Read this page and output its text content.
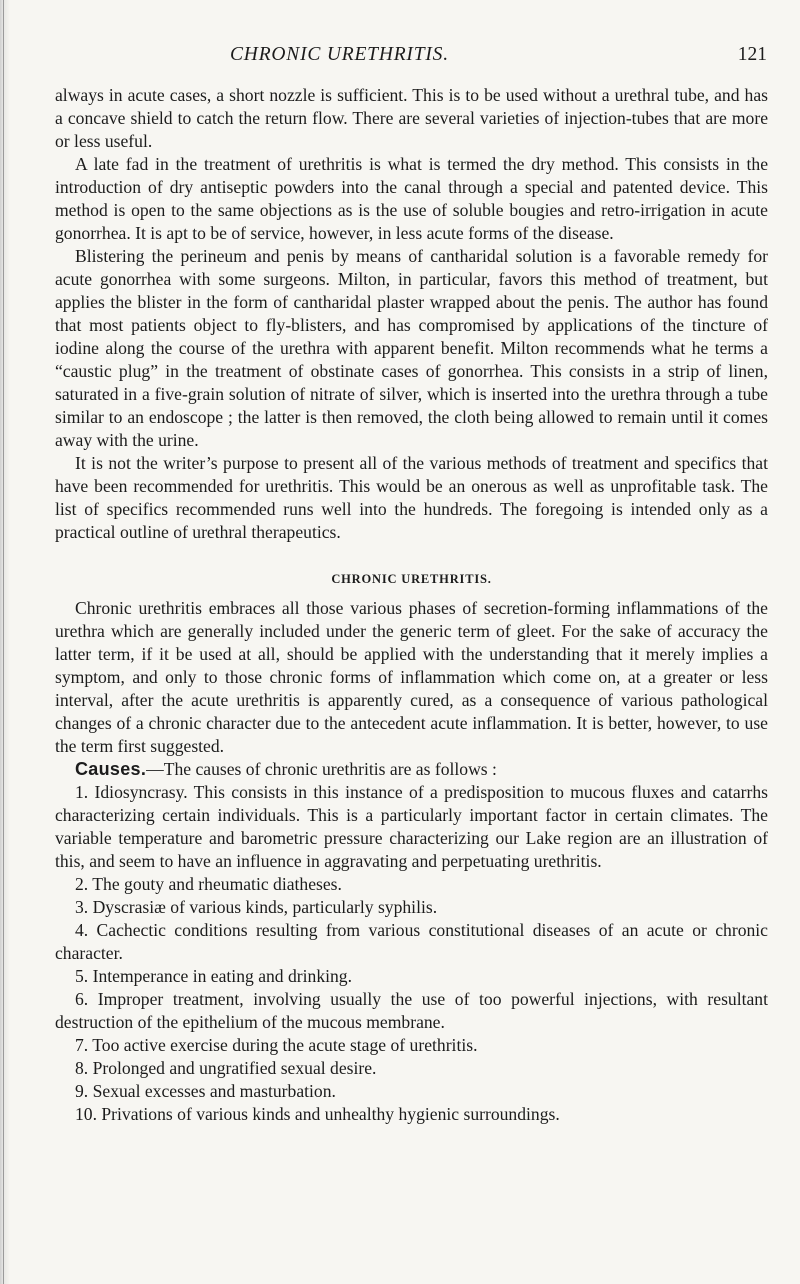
CHRONIC URETHRITIS.	121

always in acute cases, a short nozzle is sufficient. This is to be used without a urethral tube, and has a concave shield to catch the return flow. There are several varieties of injection-tubes that are more or less useful.

A late fad in the treatment of urethritis is what is termed the dry method. This consists in the introduction of dry antiseptic powders into the canal through a special and patented device. This method is open to the same objections as is the use of soluble bougies and retro-irrigation in acute gonorrhea. It is apt to be of service, however, in less acute forms of the disease.

Blistering the perineum and penis by means of cantharidal solution is a favorable remedy for acute gonorrhea with some surgeons. Milton, in particular, favors this method of treatment, but applies the blister in the form of cantharidal plaster wrapped about the penis. The author has found that most patients object to fly-blisters, and has compromised by applications of the tincture of iodine along the course of the urethra with apparent benefit. Milton recommends what he terms a “caustic plug” in the treatment of obstinate cases of gonorrhea. This consists in a strip of linen, saturated in a five-grain solution of nitrate of silver, which is inserted into the urethra through a tube similar to an endoscope ; the latter is then removed, the cloth being allowed to remain until it comes away with the urine.

It is not the writer’s purpose to present all of the various methods of treatment and specifics that have been recommended for urethritis. This would be an onerous as well as unprofitable task. The list of specifics recommended runs well into the hundreds. The foregoing is intended only as a practical outline of urethral therapeutics.

CHRONIC URETHRITIS.

Chronic urethritis embraces all those various phases of secretion-forming inflammations of the urethra which are generally included under the generic term of gleet. For the sake of accuracy the latter term, if it be used at all, should be applied with the understanding that it merely implies a symptom, and only to those chronic forms of inflammation which come on, at a greater or less interval, after the acute urethritis is apparently cured, as a consequence of various pathological changes of a chronic character due to the antecedent acute inflammation. It is better, however, to use the term first suggested.

Causes.—The causes of chronic urethritis are as follows :

1. Idiosyncrasy. This consists in this instance of a predisposition to mucous fluxes and catarrhs characterizing certain individuals. This is a particularly important factor in certain climates. The variable temperature and barometric pressure characterizing our Lake region are an illustration of this, and seem to have an influence in aggravating and perpetuating urethritis.

2. The gouty and rheumatic diatheses.

3. Dyscrasiæ of various kinds, particularly syphilis.

4. Cachectic conditions resulting from various constitutional diseases of an acute or chronic character.

5. Intemperance in eating and drinking.

6. Improper treatment, involving usually the use of too powerful injections, with resultant destruction of the epithelium of the mucous membrane.

7. Too active exercise during the acute stage of urethritis.

8. Prolonged and ungratified sexual desire.

9. Sexual excesses and masturbation.

10. Privations of various kinds and unhealthy hygienic surroundings.
